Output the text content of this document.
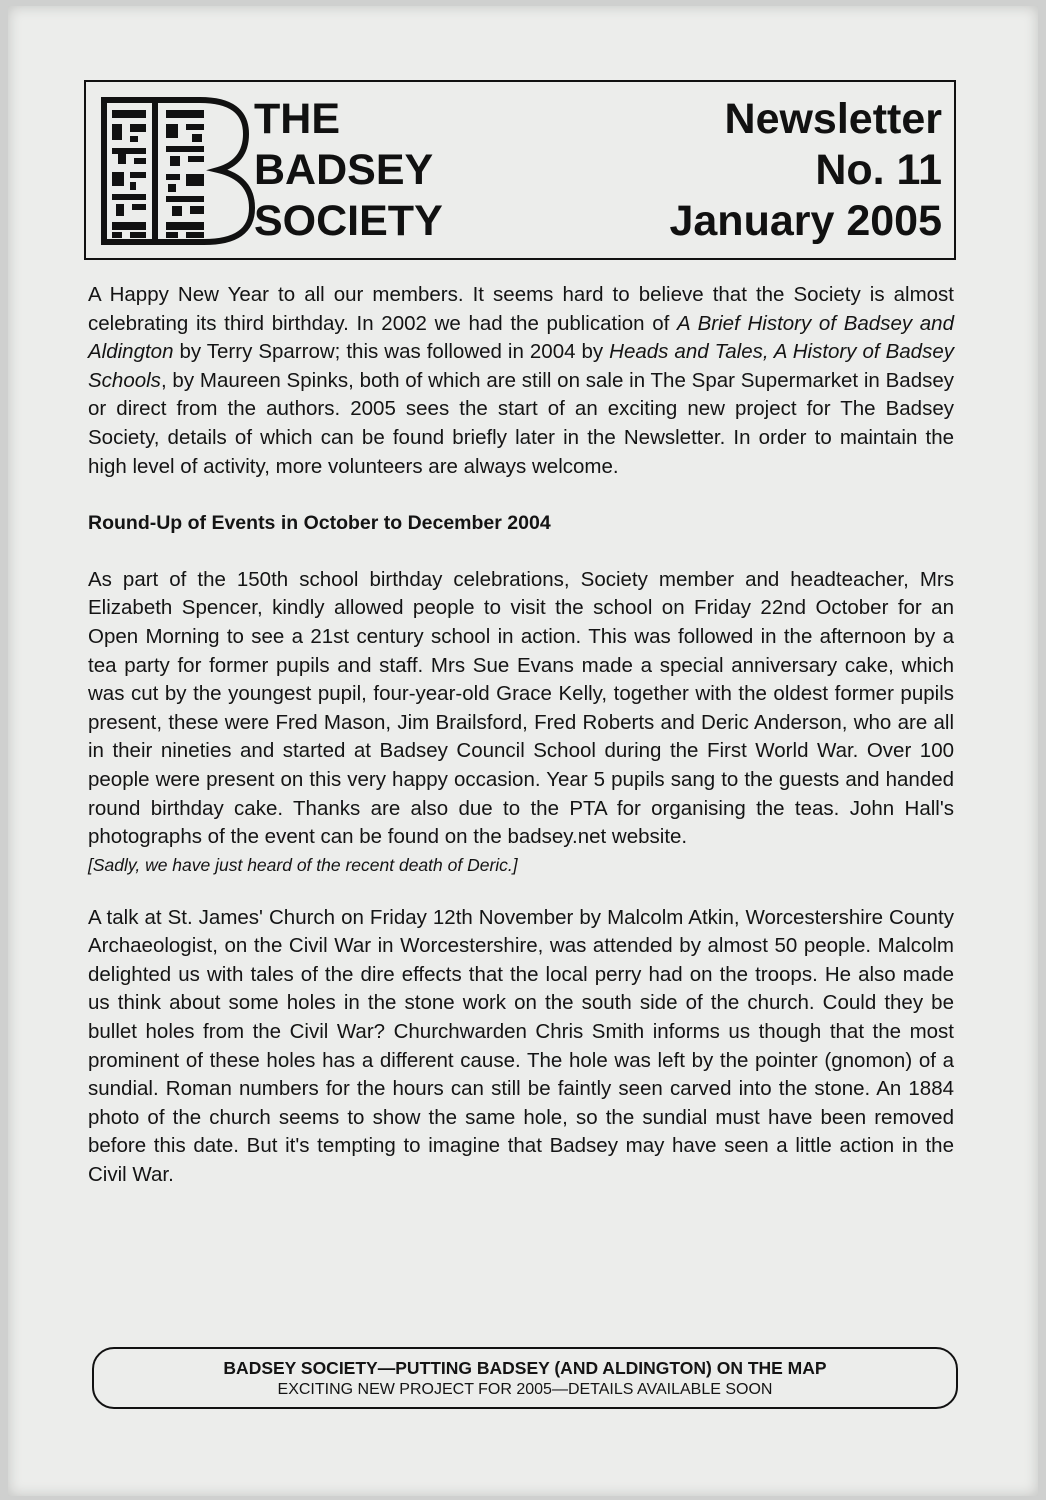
THE
BADSEY
SOCIETY
Newsletter
No. 11
January 2005

A Happy New Year to all our members. It seems hard to believe that the Society is almost celebrating its third birthday. In 2002 we had the publication of A Brief History of Badsey and Aldington by Terry Sparrow; this was followed in 2004 by Heads and Tales, A History of Badsey Schools, by Maureen Spinks, both of which are still on sale in The Spar Supermarket in Badsey or direct from the authors. 2005 sees the start of an exciting new project for The Badsey Society, details of which can be found briefly later in the Newsletter. In order to maintain the high level of activity, more volunteers are always welcome.

Round-Up of Events in October to December 2004

As part of the 150th school birthday celebrations, Society member and headteacher, Mrs Elizabeth Spencer, kindly allowed people to visit the school on Friday 22nd October for an Open Morning to see a 21st century school in action. This was followed in the afternoon by a tea party for former pupils and staff. Mrs Sue Evans made a special anniversary cake, which was cut by the youngest pupil, four-year-old Grace Kelly, together with the oldest former pupils present, these were Fred Mason, Jim Brailsford, Fred Roberts and Deric Anderson, who are all in their nineties and started at Badsey Council School during the First World War. Over 100 people were present on this very happy occasion. Year 5 pupils sang to the guests and handed round birthday cake. Thanks are also due to the PTA for organising the teas. John Hall's photographs of the event can be found on the badsey.net website.

[Sadly, we have just heard of the recent death of Deric.]

A talk at St. James' Church on Friday 12th November by Malcolm Atkin, Worcestershire County Archaeologist, on the Civil War in Worcestershire, was attended by almost 50 people. Malcolm delighted us with tales of the dire effects that the local perry had on the troops. He also made us think about some holes in the stone work on the south side of the church. Could they be bullet holes from the Civil War? Churchwarden Chris Smith informs us though that the most prominent of these holes has a different cause. The hole was left by the pointer (gnomon) of a sundial. Roman numbers for the hours can still be faintly seen carved into the stone. An 1884 photo of the church seems to show the same hole, so the sundial must have been removed before this date. But it's tempting to imagine that Badsey may have seen a little action in the Civil War.

BADSEY SOCIETY—PUTTING BADSEY (AND ALDINGTON) ON THE MAP
EXCITING NEW PROJECT FOR 2005—DETAILS AVAILABLE SOON
